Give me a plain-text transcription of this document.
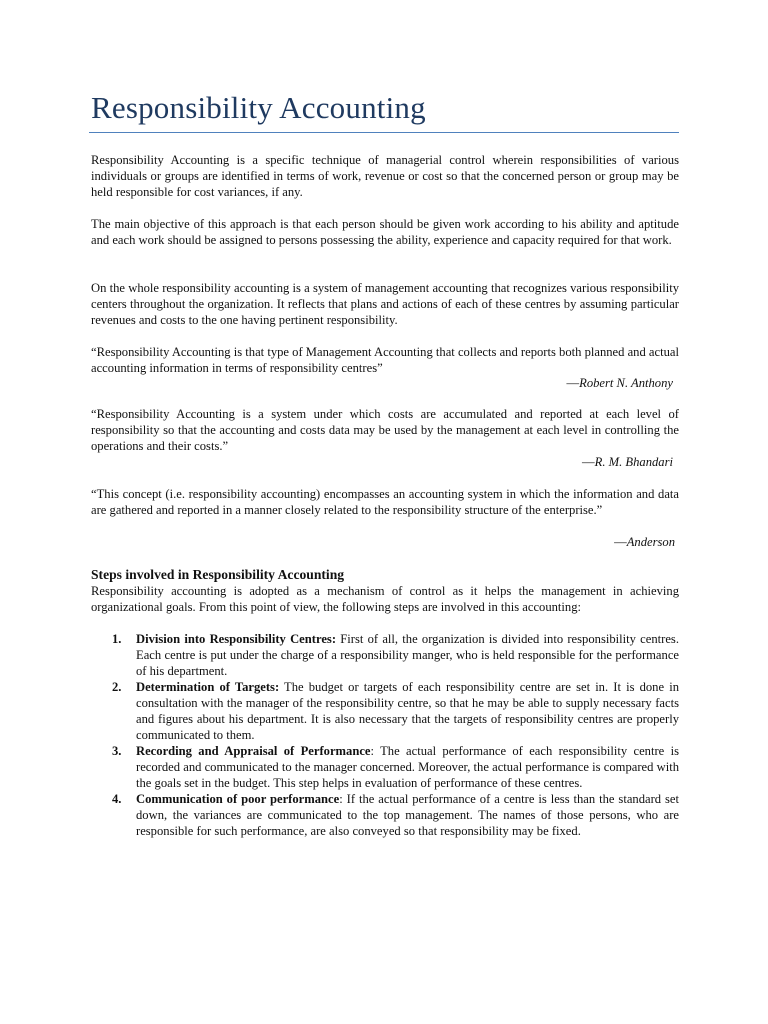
Responsibility Accounting

Responsibility Accounting is a specific technique of managerial control wherein responsibilities of various individuals or groups are identified in terms of work, revenue or cost so that the concerned person or group may be held responsible for cost variances, if any.

The main objective of this approach is that each person should be given work according to his ability and aptitude and each work should be assigned to persons possessing the ability, experience and capacity required for that work.

On the whole responsibility accounting is a system of management accounting that recognizes various responsibility centers throughout the organization. It reflects that plans and actions of each of these centres by assuming particular revenues and costs to the one having pertinent responsibility.

“Responsibility Accounting is that type of Management Accounting that collects and reports both planned and actual accounting information in terms of responsibility centres”

—Robert N. Anthony

“Responsibility Accounting is a system under which costs are accumulated and reported at each level of responsibility so that the accounting and costs data may be used by the management at each level in controlling the operations and their costs.”

—R. M. Bhandari

“This concept (i.e. responsibility accounting) encompasses an accounting system in which the information and data are gathered and reported in a manner closely related to the responsibility structure of the enterprise.”

—Anderson
Steps involved in Responsibility Accounting

Responsibility accounting is adopted as a mechanism of control as it helps the management in achieving organizational goals. From this point of view, the following steps are involved in this accounting:

1. Division into Responsibility Centres: First of all, the organization is divided into responsibility centres. Each centre is put under the charge of a responsibility manger, who is held responsible for the performance of his department.
2. Determination of Targets: The budget or targets of each responsibility centre are set in. It is done in consultation with the manager of the responsibility centre, so that he may be able to supply necessary facts and figures about his department. It is also necessary that the targets of responsibility centres are properly communicated to them.
3. Recording and Appraisal of Performance: The actual performance of each responsibility centre is recorded and communicated to the manager concerned. Moreover, the actual performance is compared with the goals set in the budget. This step helps in evaluation of performance of these centres.
4. Communication of poor performance: If the actual performance of a centre is less than the standard set down, the variances are communicated to the top management. The names of those persons, who are responsible for such performance, are also conveyed so that responsibility may be fixed.
